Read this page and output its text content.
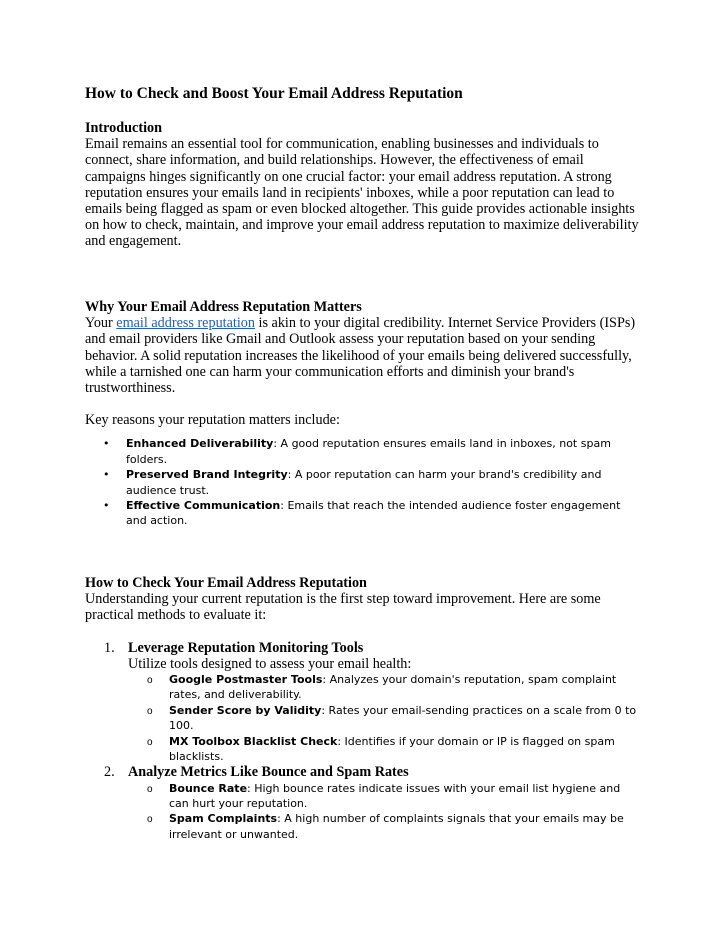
How to Check and Boost Your Email Address Reputation

Introduction

Email remains an essential tool for communication, enabling businesses and individuals to connect, share information, and build relationships. However, the effectiveness of email campaigns hinges significantly on one crucial factor: your email address reputation. A strong reputation ensures your emails land in recipients' inboxes, while a poor reputation can lead to emails being flagged as spam or even blocked altogether. This guide provides actionable insights on how to check, maintain, and improve your email address reputation to maximize deliverability and engagement.

Why Your Email Address Reputation Matters

Your email address reputation is akin to your digital credibility. Internet Service Providers (ISPs) and email providers like Gmail and Outlook assess your reputation based on your sending behavior. A solid reputation increases the likelihood of your emails being delivered successfully, while a tarnished one can harm your communication efforts and diminish your brand's trustworthiness.

Key reasons your reputation matters include:

• Enhanced Deliverability: A good reputation ensures emails land in inboxes, not spam folders.
• Preserved Brand Integrity: A poor reputation can harm your brand's credibility and audience trust.
• Effective Communication: Emails that reach the intended audience foster engagement and action.

How to Check Your Email Address Reputation

Understanding your current reputation is the first step toward improvement. Here are some practical methods to evaluate it:

1. Leverage Reputation Monitoring Tools

Utilize tools designed to assess your email health:

o Google Postmaster Tools: Analyzes your domain's reputation, spam complaint rates, and deliverability.
o Sender Score by Validity: Rates your email-sending practices on a scale from 0 to 100.
o MX Toolbox Blacklist Check: Identifies if your domain or IP is flagged on spam blacklists.
2. Analyze Metrics Like Bounce and Spam Rates

o Bounce Rate: High bounce rates indicate issues with your email list hygiene and can hurt your reputation.
o Spam Complaints: A high number of complaints signals that your emails may be irrelevant or unwanted.
